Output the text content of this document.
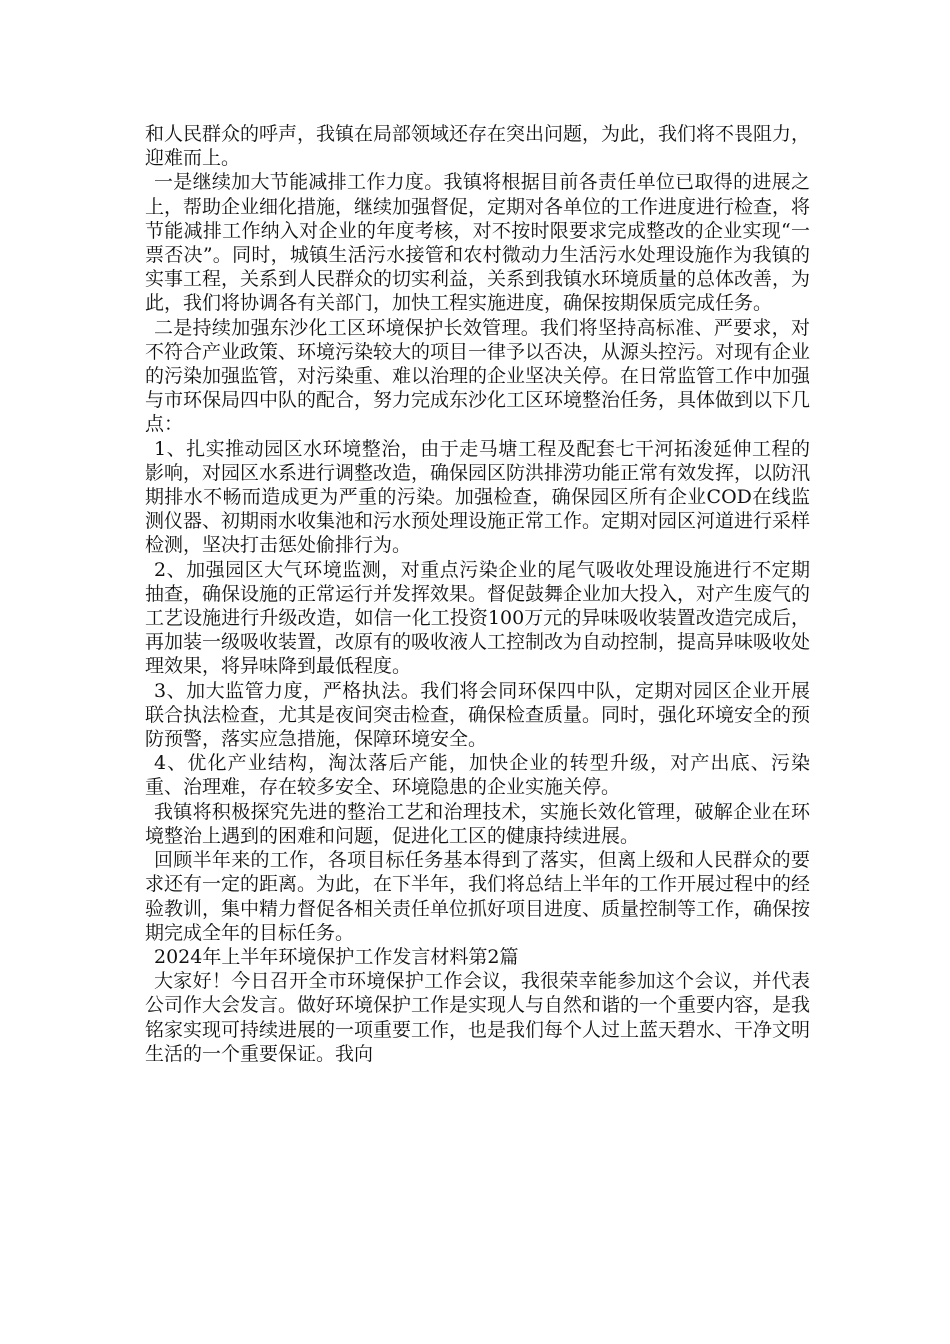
和人民群众的呼声，我镇在局部领域还存在突出问题，为此，我们将不畏阻力，迎难而上。

一是继续加大节能减排工作力度。我镇将根据目前各责任单位已取得的进展之上，帮助企业细化措施，继续加强督促，定期对各单位的工作进度进行检查，将节能减排工作纳入对企业的年度考核，对不按时限要求完成整改的企业实现“一票否决”。同时，城镇生活污水接管和农村微动力生活污水处理设施作为我镇的实事工程，关系到人民群众的切实利益，关系到我镇水环境质量的总体改善，为此，我们将协调各有关部门，加快工程实施进度，确保按期保质完成任务。

二是持续加强东沙化工区环境保护长效管理。我们将坚持高标准、严要求，对不符合产业政策、环境污染较大的项目一律予以否决，从源头控污。对现有企业的污染加强监管，对污染重、难以治理的企业坚决关停。在日常监管工作中加强与市环保局四中队的配合，努力完成东沙化工区环境整治任务，具体做到以下几点：

1、扎实推动园区水环境整治，由于走马塘工程及配套七干河拓浚延伸工程的影响，对园区水系进行调整改造，确保园区防洪排涝功能正常有效发挥，以防汛期排水不畅而造成更为严重的污染。加强检查，确保园区所有企业COD在线监测仪器、初期雨水收集池和污水预处理设施正常工作。定期对园区河道进行采样检测，坚决打击惩处偷排行为。

2、加强园区大气环境监测，对重点污染企业的尾气吸收处理设施进行不定期抽查，确保设施的正常运行并发挥效果。督促鼓舞企业加大投入，对产生废气的工艺设施进行升级改造，如信一化工投资100万元的异味吸收装置改造完成后，再加装一级吸收装置，改原有的吸收液人工控制改为自动控制，提高异味吸收处理效果，将异味降到最低程度。

3、加大监管力度，严格执法。我们将会同环保四中队，定期对园区企业开展联合执法检查，尤其是夜间突击检查，确保检查质量。同时，强化环境安全的预防预警，落实应急措施，保障环境安全。

4、优化产业结构，淘汰落后产能，加快企业的转型升级，对产出底、污染重、治理难，存在较多安全、环境隐患的企业实施关停。

我镇将积极探究先进的整治工艺和治理技术，实施长效化管理，破解企业在环境整治上遇到的困难和问题，促进化工区的健康持续进展。

回顾半年来的工作，各项目标任务基本得到了落实，但离上级和人民群众的要求还有一定的距离。为此，在下半年，我们将总结上半年的工作开展过程中的经验教训，集中精力督促各相关责任单位抓好项目进度、质量控制等工作，确保按期完成全年的目标任务。

2024年上半年环境保护工作发言材料第2篇

大家好！今日召开全市环境保护工作会议，我很荣幸能参加这个会议，并代表公司作大会发言。做好环境保护工作是实现人与自然和谐的一个重要内容，是我铭家实现可持续进展的一项重要工作，也是我们每个人过上蓝天碧水、干净文明生活的一个重要保证。我向
